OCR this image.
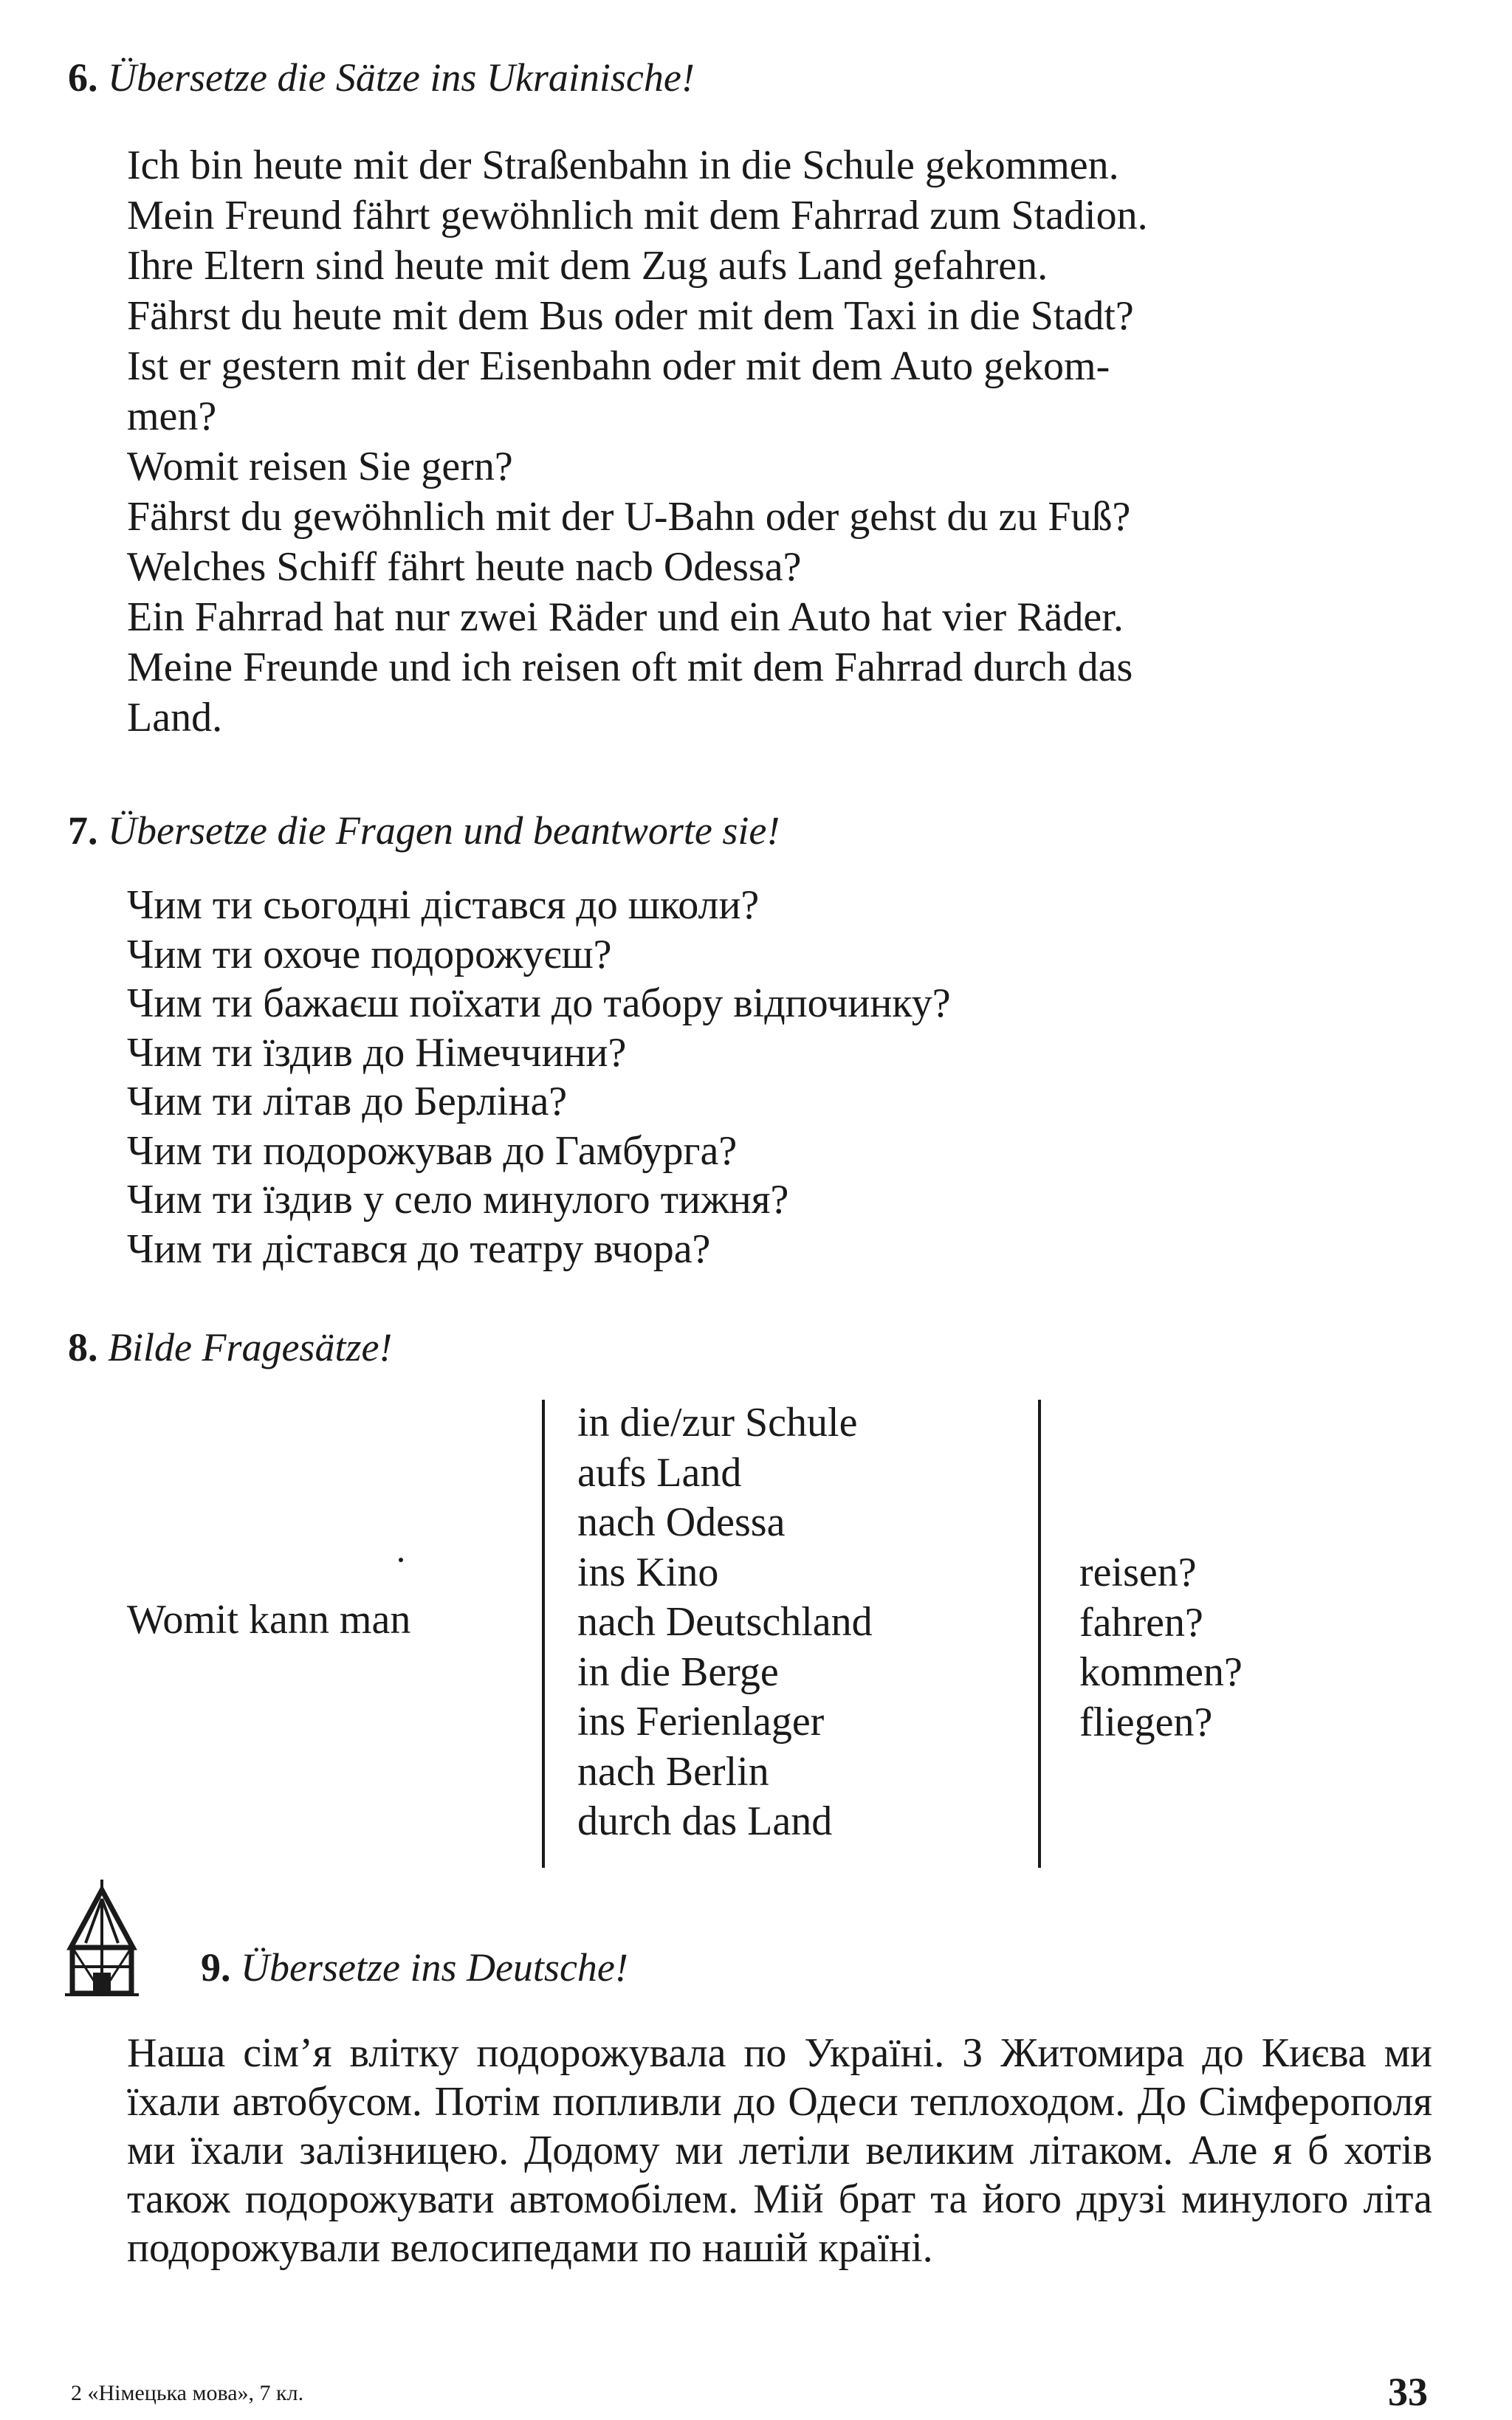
6. Übersetze die Sätze ins Ukrainische!
Ich bin heute mit der Straßenbahn in die Schule gekommen.
Mein Freund fährt gewöhnlich mit dem Fahrrad zum Stadion.
Ihre Eltern sind heute mit dem Zug aufs Land gefahren.
Fährst du heute mit dem Bus oder mit dem Taxi in die Stadt?
Ist er gestern mit der Eisenbahn oder mit dem Auto gekom-
men?
Womit reisen Sie gern?
Fährst du gewöhnlich mit der U-Bahn oder gehst du zu Fuß?
Welches Schiff fährt heute nacb Odessa?
Ein Fahrrad hat nur zwei Räder und ein Auto hat vier Räder.
Meine Freunde und ich reisen oft mit dem Fahrrad durch das
Land.
7. Übersetze die Fragen und beantworte sie!
Чим ти сьогодні дістався до школи?
Чим ти охоче подорожуєш?
Чим ти бажаєш поїхати до табору відпочинку?
Чим ти їздив до Німеччини?
Чим ти літав до Берліна?
Чим ти подорожував до Гамбурга?
Чим ти їздив у село минулого тижня?
Чим ти дістався до театру вчора?
8. Bilde Fragesätze!
Womit kann man
in die/zur Schule
aufs Land
nach Odessa
ins Kino
nach Deutschland
in die Berge
ins Ferienlager
nach Berlin
durch das Land
reisen?
fahren?
kommen?
fliegen?
9. Übersetze ins Deutsche!
Наша сім’я влітку подорожувала по Україні. З Житомира до Києва ми їхали автобусом. Потім попливли до Одеси теплоходом. До Сімферополя ми їхали залізницею. Додому ми летіли великим літаком. Але я б хотів також подорожувати автомобілем. Мій брат та його друзі минулого літа подорожували велосипедами по нашій країні.
2 «Німецька мова», 7 кл.	33
